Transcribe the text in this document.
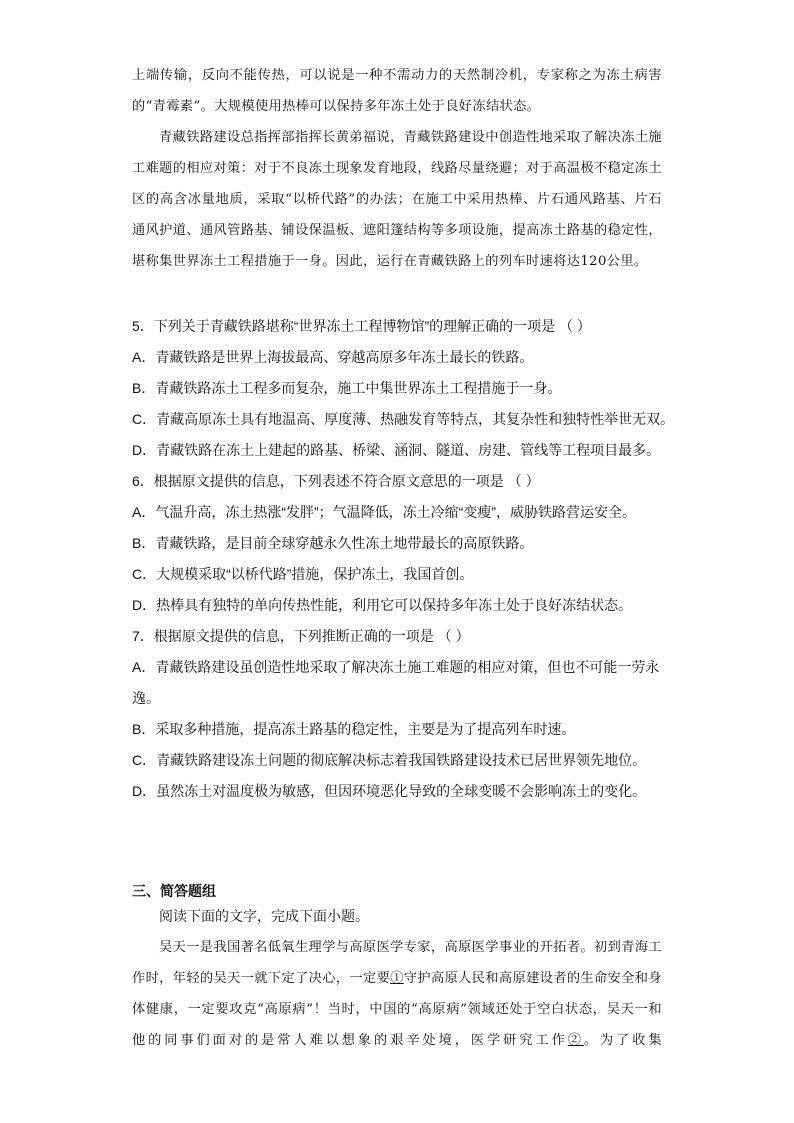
上端传输，反向不能传热，可以说是一种不需动力的天然制冷机，专家称之为冻土病害的“青霉素”。大规模使用热棒可以保持多年冻土处于良好冻结状态。

青藏铁路建设总指挥部指挥长黄弟福说，青藏铁路建设中创造性地采取了解决冻土施工难题的相应对策：对于不良冻土现象发育地段，线路尽量绕避；对于高温极不稳定冻土区的高含冰量地质，采取“以桥代路”的办法；在施工中采用热棒、片石通风路基、片石通风护道、通风管路基、铺设保温板、遮阳篷结构等多项设施，提高冻土路基的稳定性，堪称集世界冻土工程措施于一身。因此，运行在青藏铁路上的列车时速将达120公里。

5．下列关于青藏铁路堪称“世界冻土工程博物馆”的理解正确的一项是 （ ）

A．青藏铁路是世界上海拔最高、穿越高原多年冻土最长的铁路。

B．青藏铁路冻土工程多而复杂，施工中集世界冻土工程措施于一身。

C．青藏高原冻土具有地温高、厚度薄、热融发育等特点，其复杂性和独特性举世无双。

D．青藏铁路在冻土上建起的路基、桥梁、涵洞、隧道、房建、管线等工程项目最多。

6．根据原文提供的信息，下列表述不符合原文意思的一项是 （ ）

A．气温升高，冻土热涨“发胖”；气温降低，冻土冷缩“变瘦”，威胁铁路营运安全。

B．青藏铁路，是目前全球穿越永久性冻土地带最长的高原铁路。

C．大规模采取“以桥代路”措施，保护冻土，我国首创。

D．热棒具有独特的单向传热性能，利用它可以保持多年冻土处于良好冻结状态。

7．根据原文提供的信息，下列推断正确的一项是 （ ）

A．青藏铁路建设虽创造性地采取了解决冻土施工难题的相应对策，但也不可能一劳永逸。

B．采取多种措施，提高冻土路基的稳定性，主要是为了提高列车时速。

C．青藏铁路建设冻土问题的彻底解决标志着我国铁路建设技术已居世界领先地位。

D．虽然冻土对温度极为敏感，但因环境恶化导致的全球变暖不会影响冻土的变化。

三、简答题组

阅读下面的文字，完成下面小题。

吴天一是我国著名低氧生理学与高原医学专家，高原医学事业的开拓者。初到青海工作时，年轻的吴天一就下定了决心，一定要①守护高原人民和高原建设者的生命安全和身体健康，一定要攻克“高原病”！当时，中国的“高原病”领域还处于空白状态，吴天一和他的同事们面对的是常人难以想象的艰辛处境，医学研究工作②。为了收集
